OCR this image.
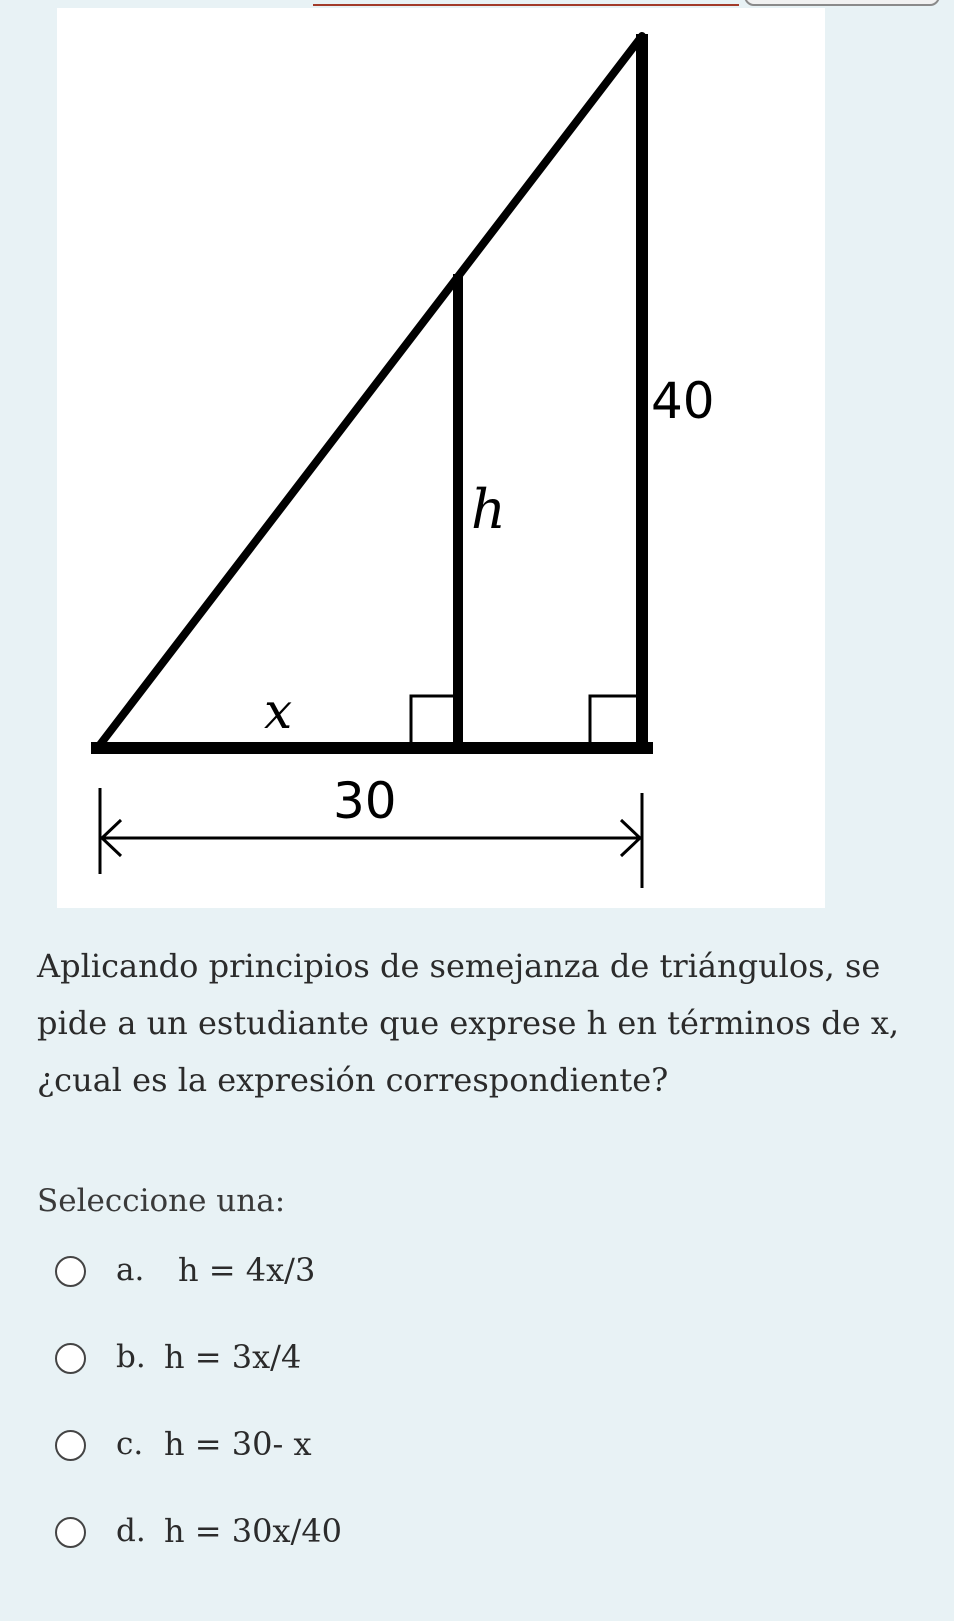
40
h
x
30
Aplicando principios de semejanza de triángulos, se
pide a un estudiante que exprese h en términos de x,
¿cual es la expresión correspondiente?
Seleccione una:
a.	h = 4x/3
b. h = 3x/4
c. h = 30- x
d. h = 30x/40
